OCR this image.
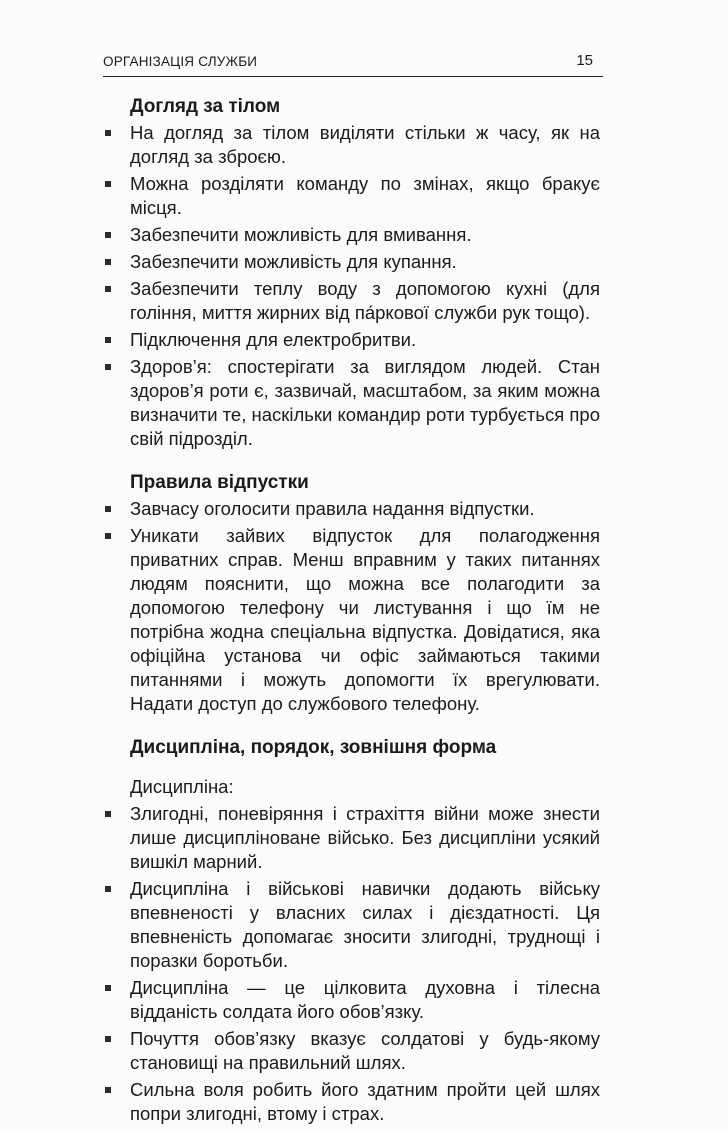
ОРГАНІЗАЦІЯ СЛУЖБИ	15
Догляд за тілом
На догляд за тілом виділяти стільки ж часу, як на догляд за зброєю.
Можна розділяти команду по змінах, якщо бракує місця.
Забезпечити можливість для вмивання.
Забезпечити можливість для купання.
Забезпечити теплу воду з допомогою кухні (для гоління, миття жирних від па́ркової служби рук тощо).
Підключення для електробритви.
Здоров’я: спостерігати за виглядом людей. Стан здоров’я роти є, зазвичай, масштабом, за яким можна визначити те, наскільки командир роти турбується про свій підрозділ.
Правила відпустки
Завчасу оголосити правила надання відпустки.
Уникати зайвих відпусток для полагодження приватних справ. Менш вправним у таких питаннях людям пояснити, що можна все полагодити за допомогою телефону чи листування і що їм не потрібна жодна спеціальна відпустка. Довідатися, яка офіційна установа чи офіс займаються такими питаннями і можуть допомогти їх врегулювати. Надати доступ до службового телефону.
Дисципліна, порядок, зовнішня форма
Дисципліна:
Злигодні, поневіряння і страхіття війни може знести лише дисципліноване військо. Без дисципліни усякий вишкіл марний.
Дисципліна і військові навички додають війську впевненості у власних силах і дієздатності. Ця впевненість допомагає зносити злигодні, труднощі і поразки боротьби.
Дисципліна — це цілковита духовна і тілесна відданість солдата його обов’язку.
Почуття обов’язку вказує солдатові у будь-якому становищі на правильний шлях.
Сильна воля робить його здатним пройти цей шлях попри злигодні, втому і страх.
